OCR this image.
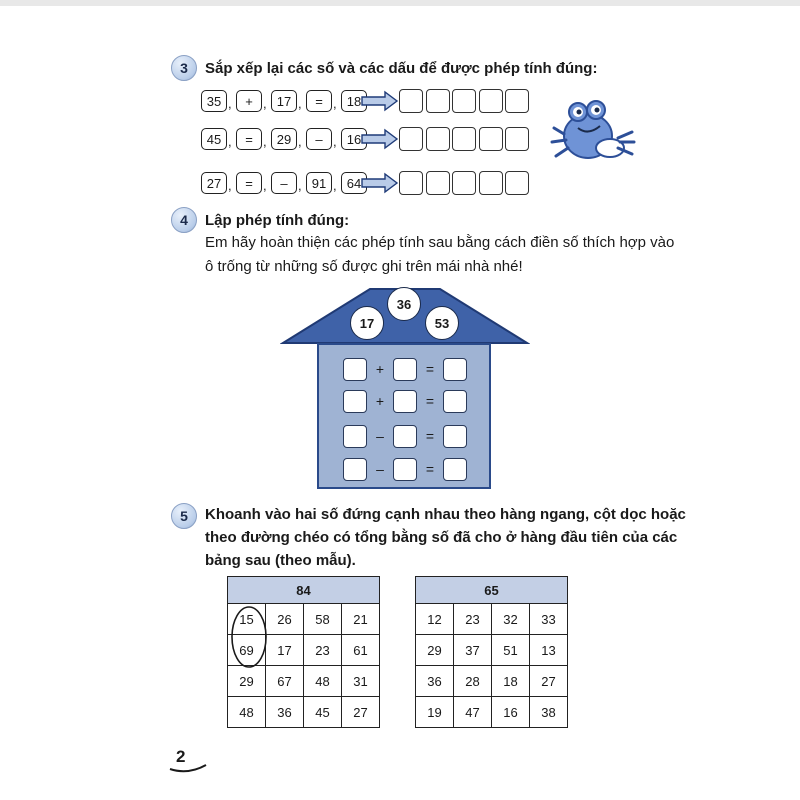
3 Sắp xếp lại các số và các dấu để được phép tính đúng:
35 ,	+ , 17 ,	= , 18
45 ,	= , 29 ,	– , 16
27 ,	= ,	– , 91 , 64
4 Lập phép tính đúng:
Em hãy hoàn thiện các phép tính sau bằng cách điền số thích hợp vào
ô trống từ những số được ghi trên mái nhà nhé!
36
17	53
+	=
+	=
–	=
–	=
5 Khoanh vào hai số đứng cạnh nhau theo hàng ngang, cột dọc hoặc
theo đường chéo có tổng bằng số đã cho ở hàng đầu tiên của các
bảng sau (theo mẫu).
84			
15	26	58	21
69	17	23	61
29	67	48	31
48	36	45	27
65			
12	23	32	33
29	37	51	13
36	28	18	27
19	47	16	38
2
